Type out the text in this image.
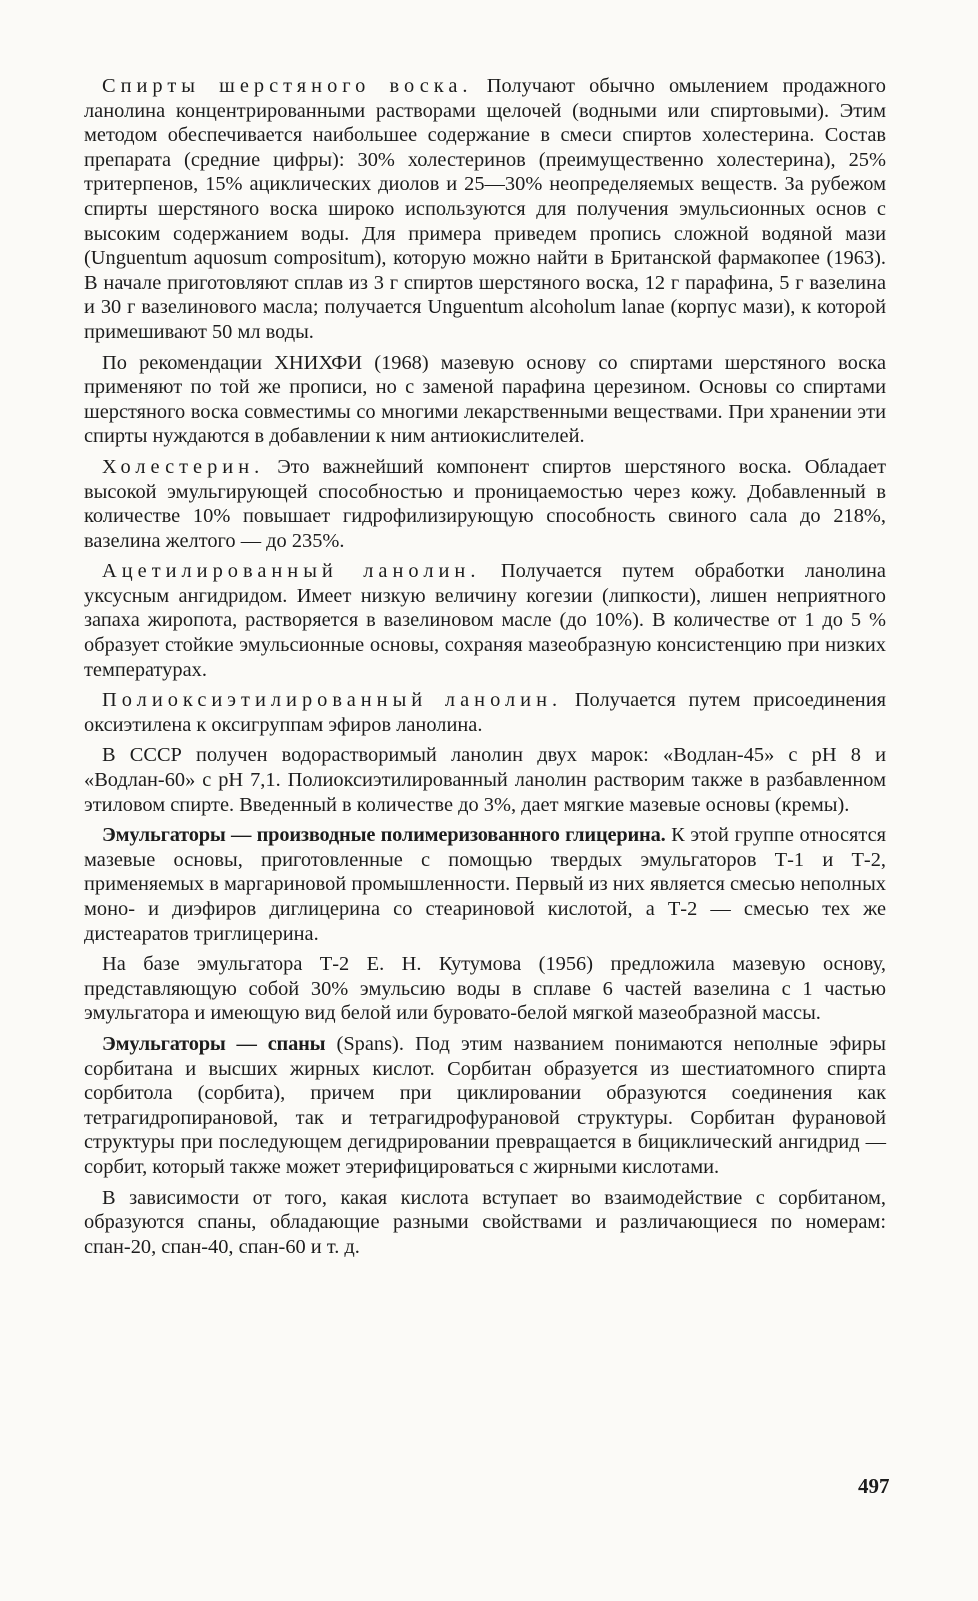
Спирты шерстяного воска. Получают обычно омылением продажного ланолина концентрированными растворами щелочей (водными или спиртовыми). Этим методом обеспечивается наибольшее содержание в смеси спиртов холестерина. Состав препарата (средние цифры): 30% холестеринов (преимущественно холестерина), 25% тритерпенов, 15% ациклических диолов и 25—30% неопределяемых веществ. За рубежом спирты шерстяного воска широко используются для получения эмульсионных основ с высоким содержанием воды. Для примера приведем пропись сложной водяной мази (Unguentum aquosum compositum), которую можно найти в Британской фармакопее (1963). В начале приготовляют сплав из 3 г спиртов шерстяного воска, 12 г парафина, 5 г вазелина и 30 г вазелинового масла; получается Unguentum alcoholum lanae (корпус мази), к которой примешивают 50 мл воды.

По рекомендации ХНИХФИ (1968) мазевую основу со спиртами шерстяного воска применяют по той же прописи, но с заменой парафина церезином. Основы со спиртами шерстяного воска совместимы со многими лекарственными веществами. При хранении эти спирты нуждаются в добавлении к ним антиокислителей.

Холестерин. Это важнейший компонент спиртов шерстяного воска. Обладает высокой эмульгирующей способностью и проницаемостью через кожу. Добавленный в количестве 10% повышает гидрофилизирующую способность свиного сала до 218%, вазелина желтого — до 235%.

Ацетилированный ланолин. Получается путем обработки ланолина уксусным ангидридом. Имеет низкую величину когезии (липкости), лишен неприятного запаха жиропота, растворяется в вазелиновом масле (до 10%). В количестве от 1 до 5 % образует стойкие эмульсионные основы, сохраняя мазеобразную консистенцию при низких температурах.

Полиоксиэтилированный ланолин. Получается путем присоединения оксиэтилена к оксигруппам эфиров ланолина.

В СССР получен водорастворимый ланолин двух марок: «Водлан-45» с pH 8 и «Водлан-60» с pH 7,1. Полиоксиэтилированный ланолин растворим также в разбавленном этиловом спирте. Введенный в количестве до 3%, дает мягкие мазевые основы (кремы).

Эмульгаторы — производные полимеризованного глицерина. К этой группе относятся мазевые основы, приготовленные с помощью твердых эмульгаторов Т-1 и Т-2, применяемых в маргариновой промышленности. Первый из них является смесью неполных моно- и диэфиров диглицерина со стеариновой кислотой, а Т-2 — смесью тех же дистеаратов триглицерина.

На базе эмульгатора Т-2 Е. Н. Кутумова (1956) предложила мазевую основу, представляющую собой 30% эмульсию воды в сплаве 6 частей вазелина с 1 частью эмульгатора и имеющую вид белой или буровато-белой мягкой мазеобразной массы.

Эмульгаторы — спаны (Spans). Под этим названием понимаются неполные эфиры сорбитана и высших жирных кислот. Сорбитан образуется из шестиатомного спирта сорбитола (сорбита), причем при циклировании образуются соединения как тетрагидропирановой, так и тетрагидрофурановой структуры. Сорбитан фурановой структуры при последующем дегидрировании превращается в бициклический ангидрид — сорбит, который также может этерифицироваться с жирными кислотами.

В зависимости от того, какая кислота вступает во взаимодействие с сорбитаном, образуются спаны, обладающие разными свойствами и различающиеся по номерам: спан-20, спан-40, спан-60 и т. д.

497
